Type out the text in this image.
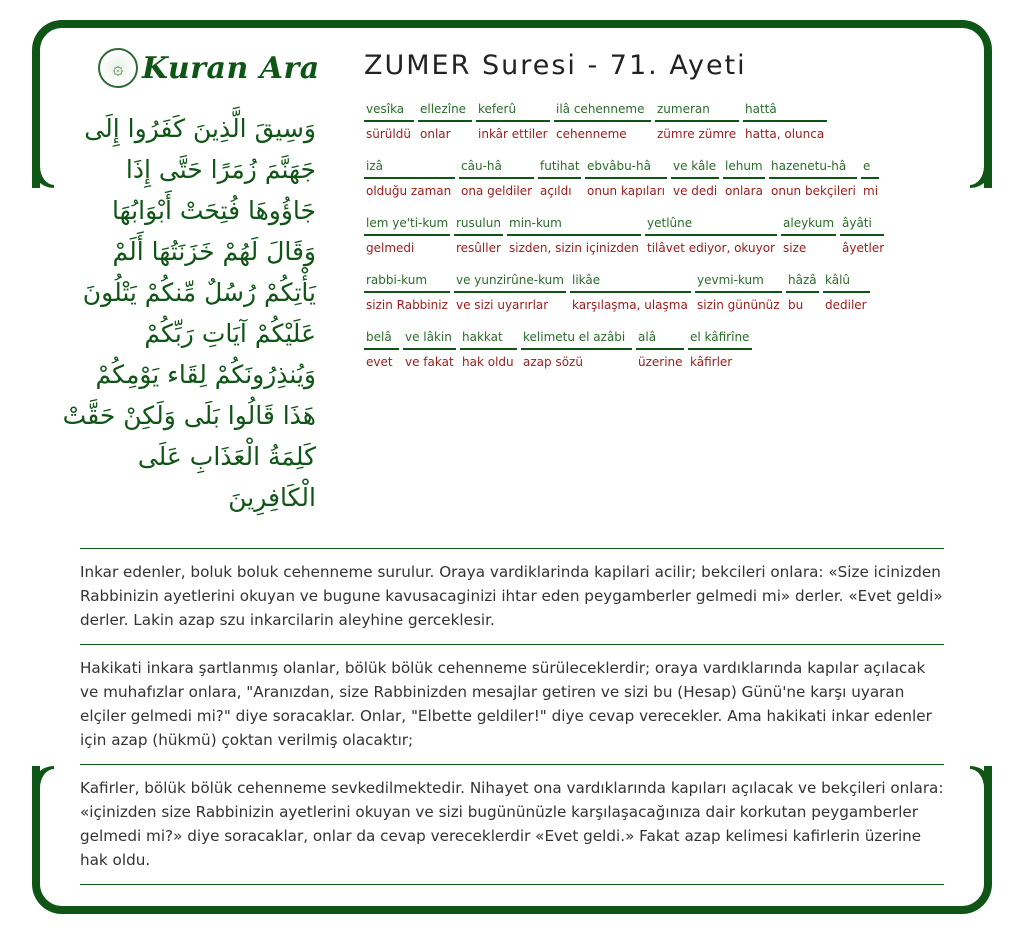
۞ Kuran Ara ZUMER Suresi - 71. Ayeti
وَسِيقَ الَّذِينَ كَفَرُوا إِلَى
جَهَنَّمَ زُمَرًا حَتَّى إِذَا
جَاؤُوهَا فُتِحَتْ أَبْوَابُهَا
وَقَالَ لَهُمْ خَزَنَتُهَا أَلَمْ
يَأْتِكُمْ رُسُلٌ مِّنكُمْ يَتْلُونَ
عَلَيْكُمْ آيَاتِ رَبِّكُمْ
وَيُنذِرُونَكُمْ لِقَاء يَوْمِكُمْ
هَذَا قَالُوا بَلَى وَلَكِنْ حَقَّتْ
كَلِمَةُ الْعَذَابِ عَلَى
الْكَافِرِينَ
vesîka
sürüldü
ellezîne
onlar
keferû
inkâr ettiler
ilâ cehenneme
cehenneme
zumeran
zümre zümre
hattâ
hatta, olunca
izâ
olduğu zaman
câu-hâ
ona geldiler
futihat
açıldı
ebvâbu-hâ
onun kapıları
ve kâle
ve dedi
lehum
onlara
hazenetu-hâ
onun bekçileri
e
mi
lem ye'ti-kum
gelmedi
rusulun
resûller
min-kum
sizden, sizin içinizden
yetlûne
tilâvet ediyor, okuyor
aleykum
size
âyâti
âyetler
rabbi-kum
sizin Rabbiniz
ve yunzirûne-kum
ve sizi uyarırlar
likâe
karşılaşma, ulaşma
yevmi-kum
sizin gününüz
hâzâ
bu
kâlû
dediler
belâ
evet
ve lâkin
ve fakat
hakkat
hak oldu
kelimetu el azâbi
azap sözü
alâ
üzerine
el kâfirîne
kâfirler
Inkar edenler, boluk boluk cehenneme surulur. Oraya vardiklarinda kapilari acilir; bekcileri onlara: «Size icinizden Rabbinizin ayetlerini okuyan ve bugune kavusacaginizi ihtar eden peygamberler gelmedi mi» derler. «Evet geldi» derler. Lakin azap szu inkarcilarin aleyhine gerceklesir.
Hakikati inkara şartlanmış olanlar, bölük bölük cehenneme sürüleceklerdir; oraya vardıklarında kapılar açılacak ve muhafızlar onlara, "Aranızdan, size Rabbinizden mesajlar getiren ve sizi bu (Hesap) Günü'ne karşı uyaran elçiler gelmedi mi?" diye soracaklar. Onlar, "Elbette geldiler!" diye cevap verecekler. Ama hakikati inkar edenler için azap (hükmü) çoktan verilmiş olacaktır;
Kafirler, bölük bölük cehenneme sevkedilmektedir. Nihayet ona vardıklarında kapıları açılacak ve bekçileri onlara: «içinizden size Rabbinizin ayetlerini okuyan ve sizi bugününüzle karşılaşacağınıza dair korkutan peygamberler gelmedi mi?» diye soracaklar, onlar da cevap vereceklerdir «Evet geldi.» Fakat azap kelimesi kafirlerin üzerine hak oldu.
